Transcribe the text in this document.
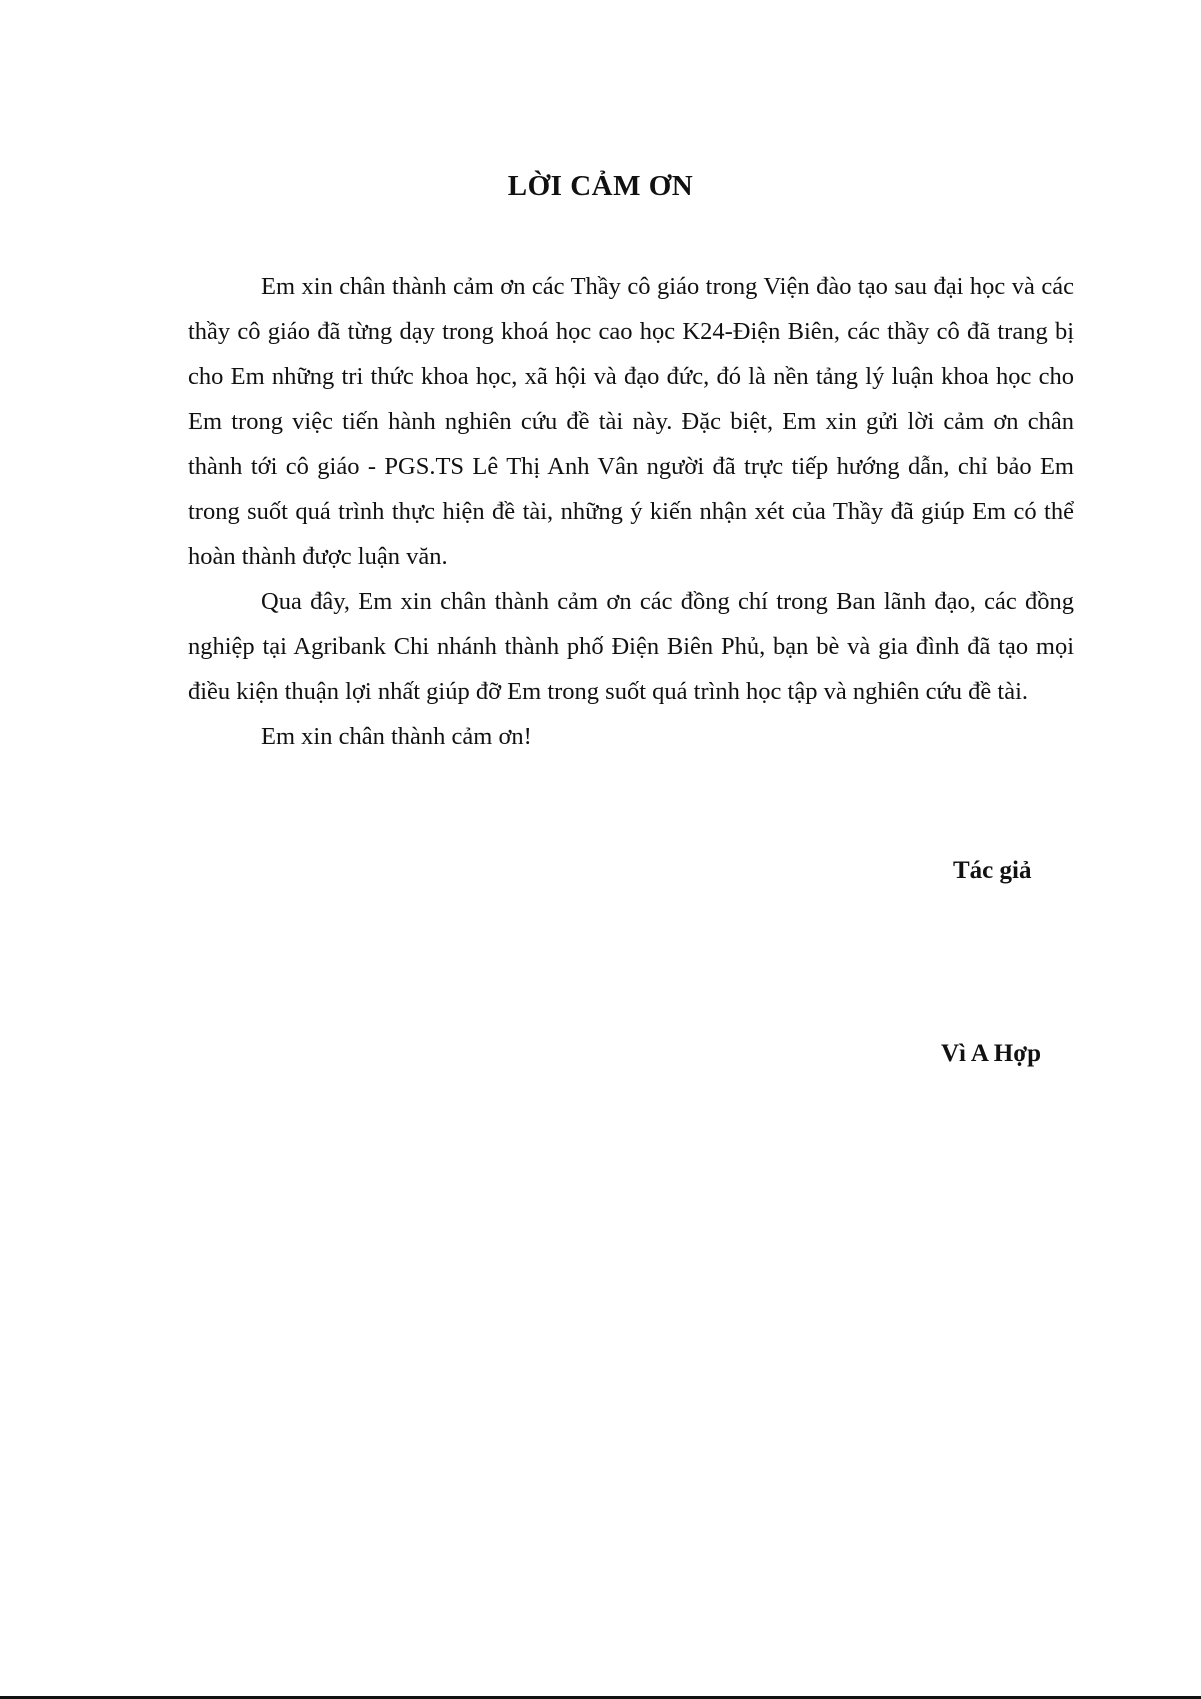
LỜI CẢM ƠN

Em xin chân thành cảm ơn các Thầy cô giáo trong Viện đào tạo sau đại học và các thầy cô giáo đã từng dạy trong khoá học cao học K24-Điện Biên, các thầy cô đã trang bị cho Em những tri thức khoa học, xã hội và đạo đức, đó là nền tảng lý luận khoa học cho Em trong việc tiến hành nghiên cứu đề tài này. Đặc biệt, Em xin gửi lời cảm ơn chân thành tới cô giáo - PGS.TS Lê Thị Anh Vân người đã trực tiếp hướng dẫn, chỉ bảo Em trong suốt quá trình thực hiện đề tài, những ý kiến nhận xét của Thầy đã giúp Em có thể hoàn thành được luận văn.

Qua đây, Em xin chân thành cảm ơn các đồng chí trong Ban lãnh đạo, các đồng nghiệp tại Agribank Chi nhánh thành phố Điện Biên Phủ, bạn bè và gia đình đã tạo mọi điều kiện thuận lợi nhất giúp đỡ Em trong suốt quá trình học tập và nghiên cứu đề tài.

Em xin chân thành cảm ơn!

Tác giả
Vì A Hợp
